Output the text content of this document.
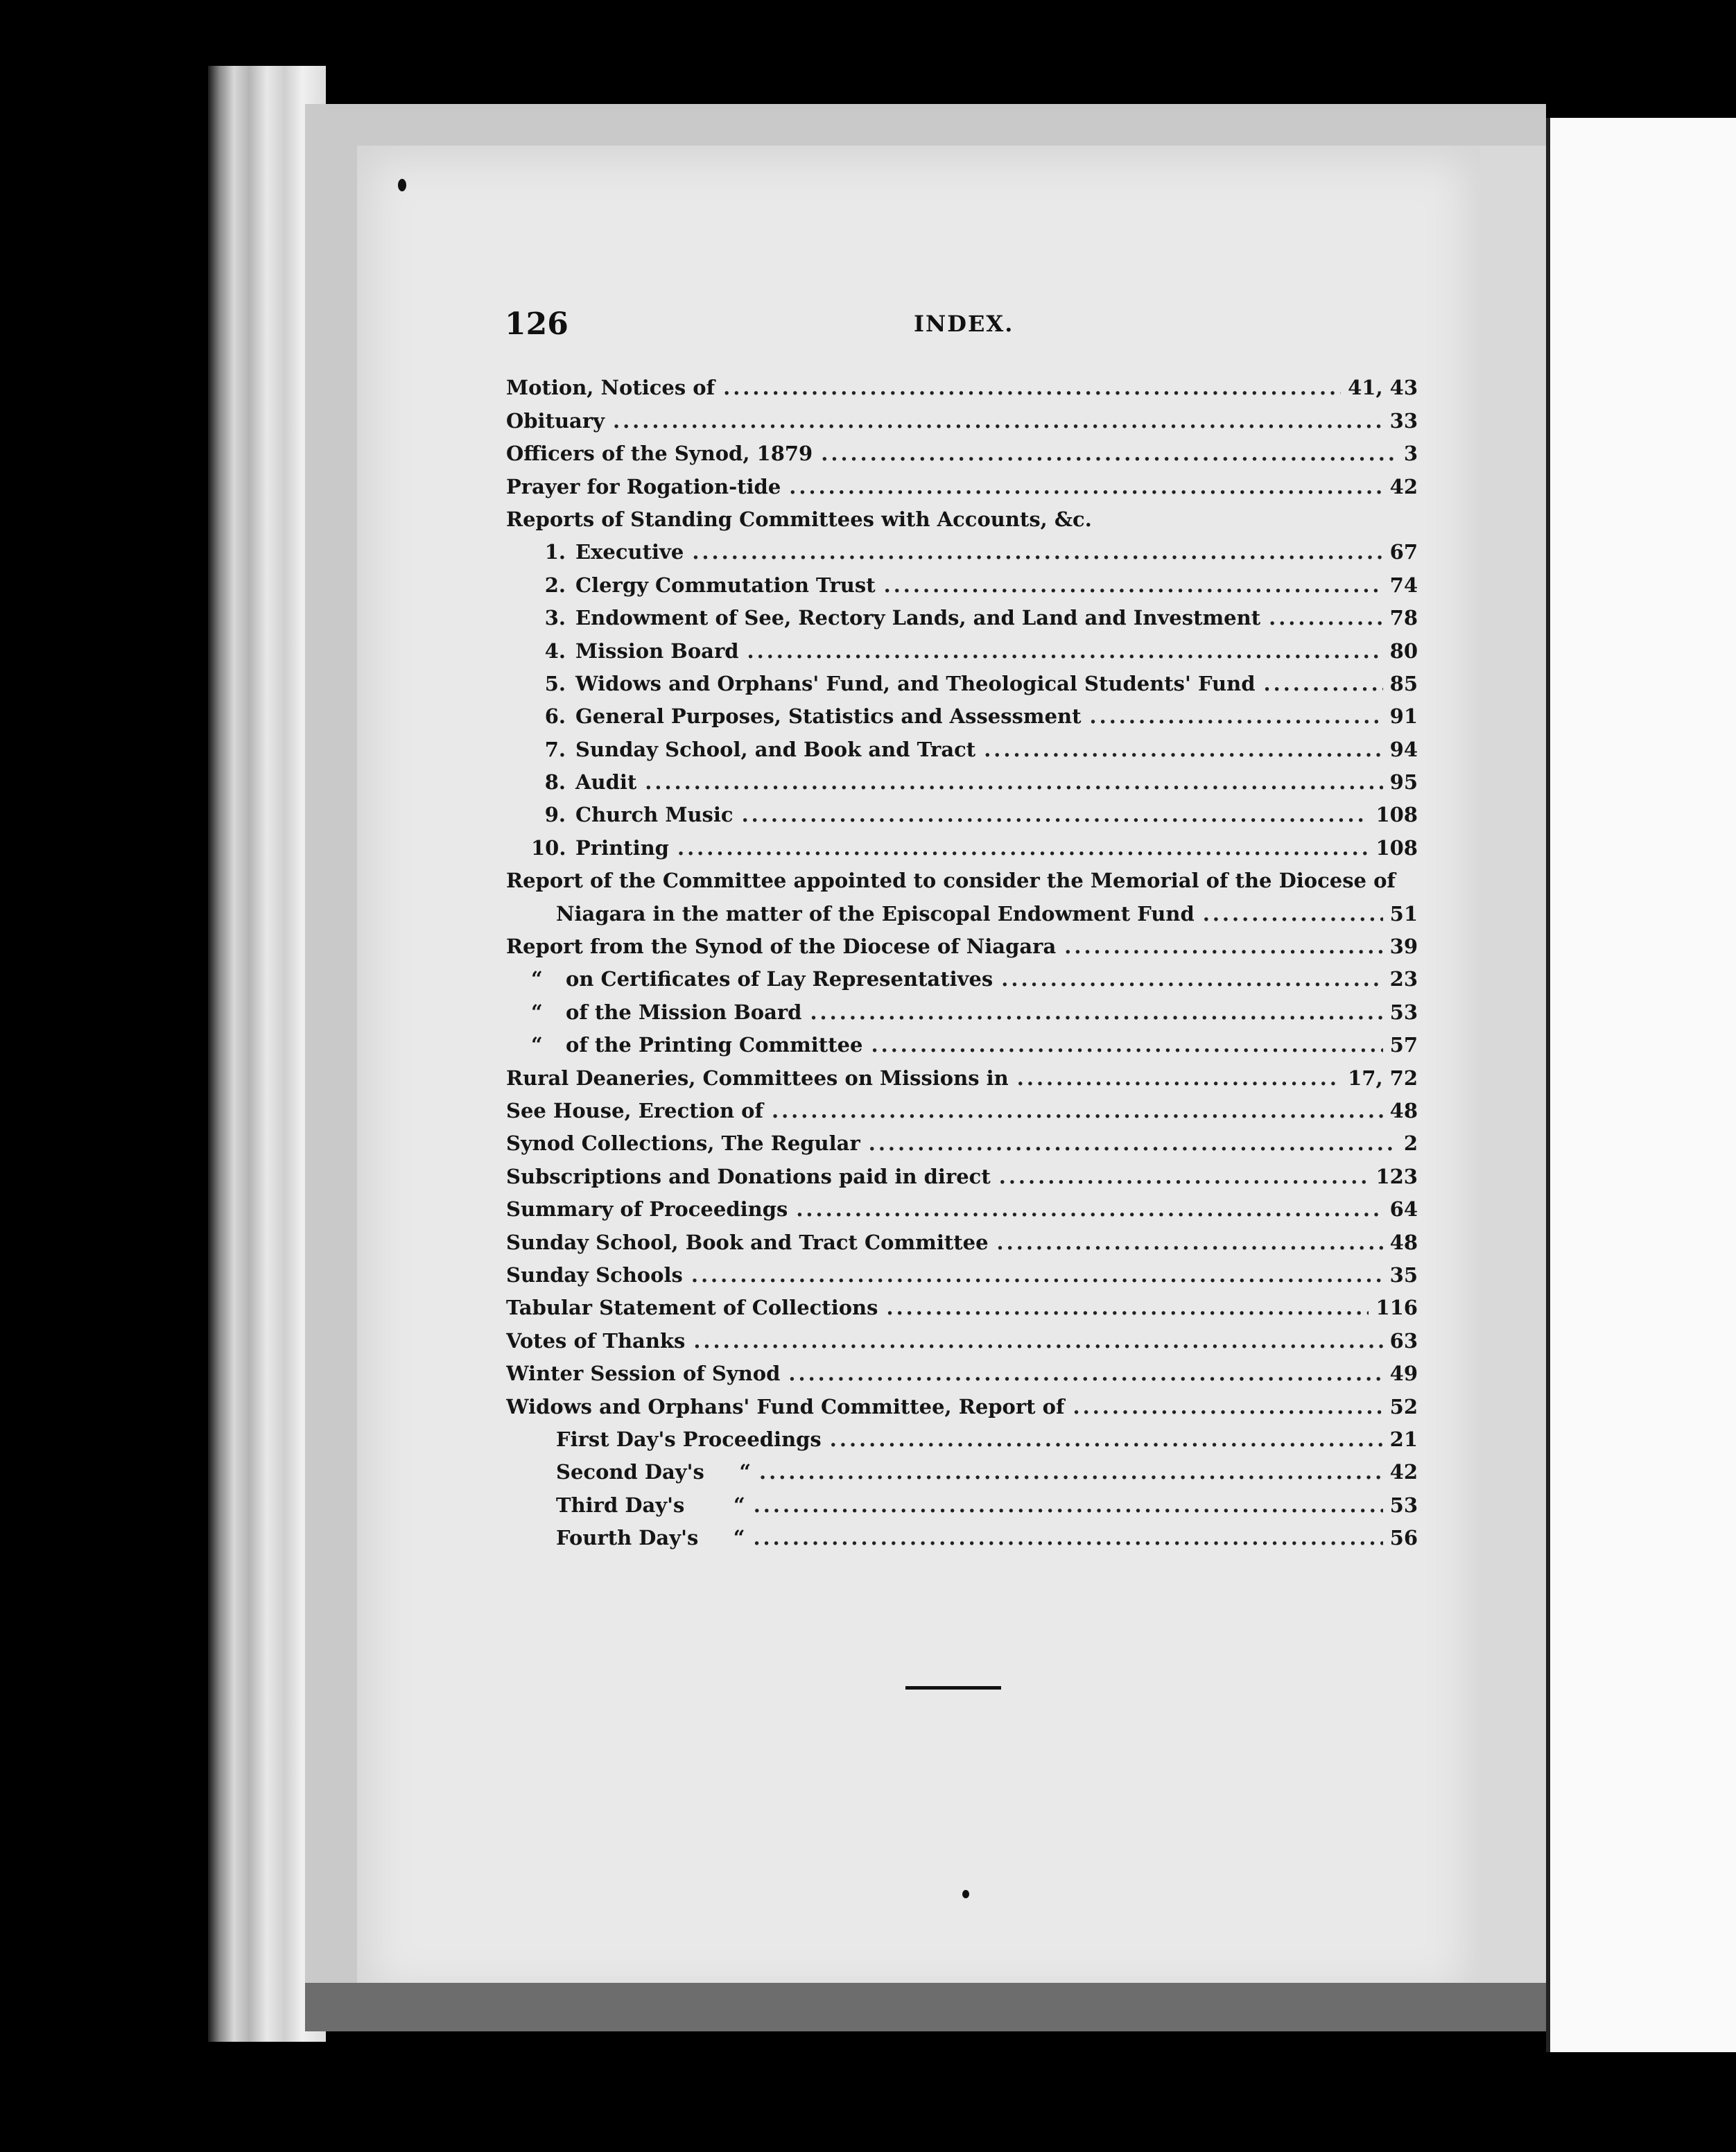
126	INDEX.
Motion, Notices of .....	41, 43
Obituary .....	33
Officers of the Synod, 1879 .....	3
Prayer for Rogation-tide .....	42
Reports of Standing Committees with Accounts, &c.
1. Executive .....	67
2. Clergy Commutation Trust .....	74
3. Endowment of See, Rectory Lands, and Land and Investment .....	78
4. Mission Board .....	80
5. Widows and Orphans' Fund, and Theological Students' Fund .....	85
6. General Purposes, Statistics and Assessment .....	91
7. Sunday School, and Book and Tract .....	94
8. Audit .....	95
9. Church Music .....	108
10. Printing .....	108
Report of the Committee appointed to consider the Memorial of the Diocese of
Niagara in the matter of the Episcopal Endowment Fund .....	51
Report from the Synod of the Diocese of Niagara .....	39
“	on Certificates of Lay Representatives .....	23
“	of the Mission Board .....	53
“	of the Printing Committee .....	57
Rural Deaneries, Committees on Missions in .....	17, 72
See House, Erection of .....	48
Synod Collections, The Regular .....	2
Subscriptions and Donations paid in direct .....	123
Summary of Proceedings .....	64
Sunday School, Book and Tract Committee .....	48
Sunday Schools .....	35
Tabular Statement of Collections .....	116
Votes of Thanks .....	63
Winter Session of Synod .....	49
Widows and Orphans' Fund Committee, Report of .....	52
First Day's Proceedings .....	21
Second Day's     “ .....	42
Third Day's       “ .....	53
Fourth Day's     “ .....	56
